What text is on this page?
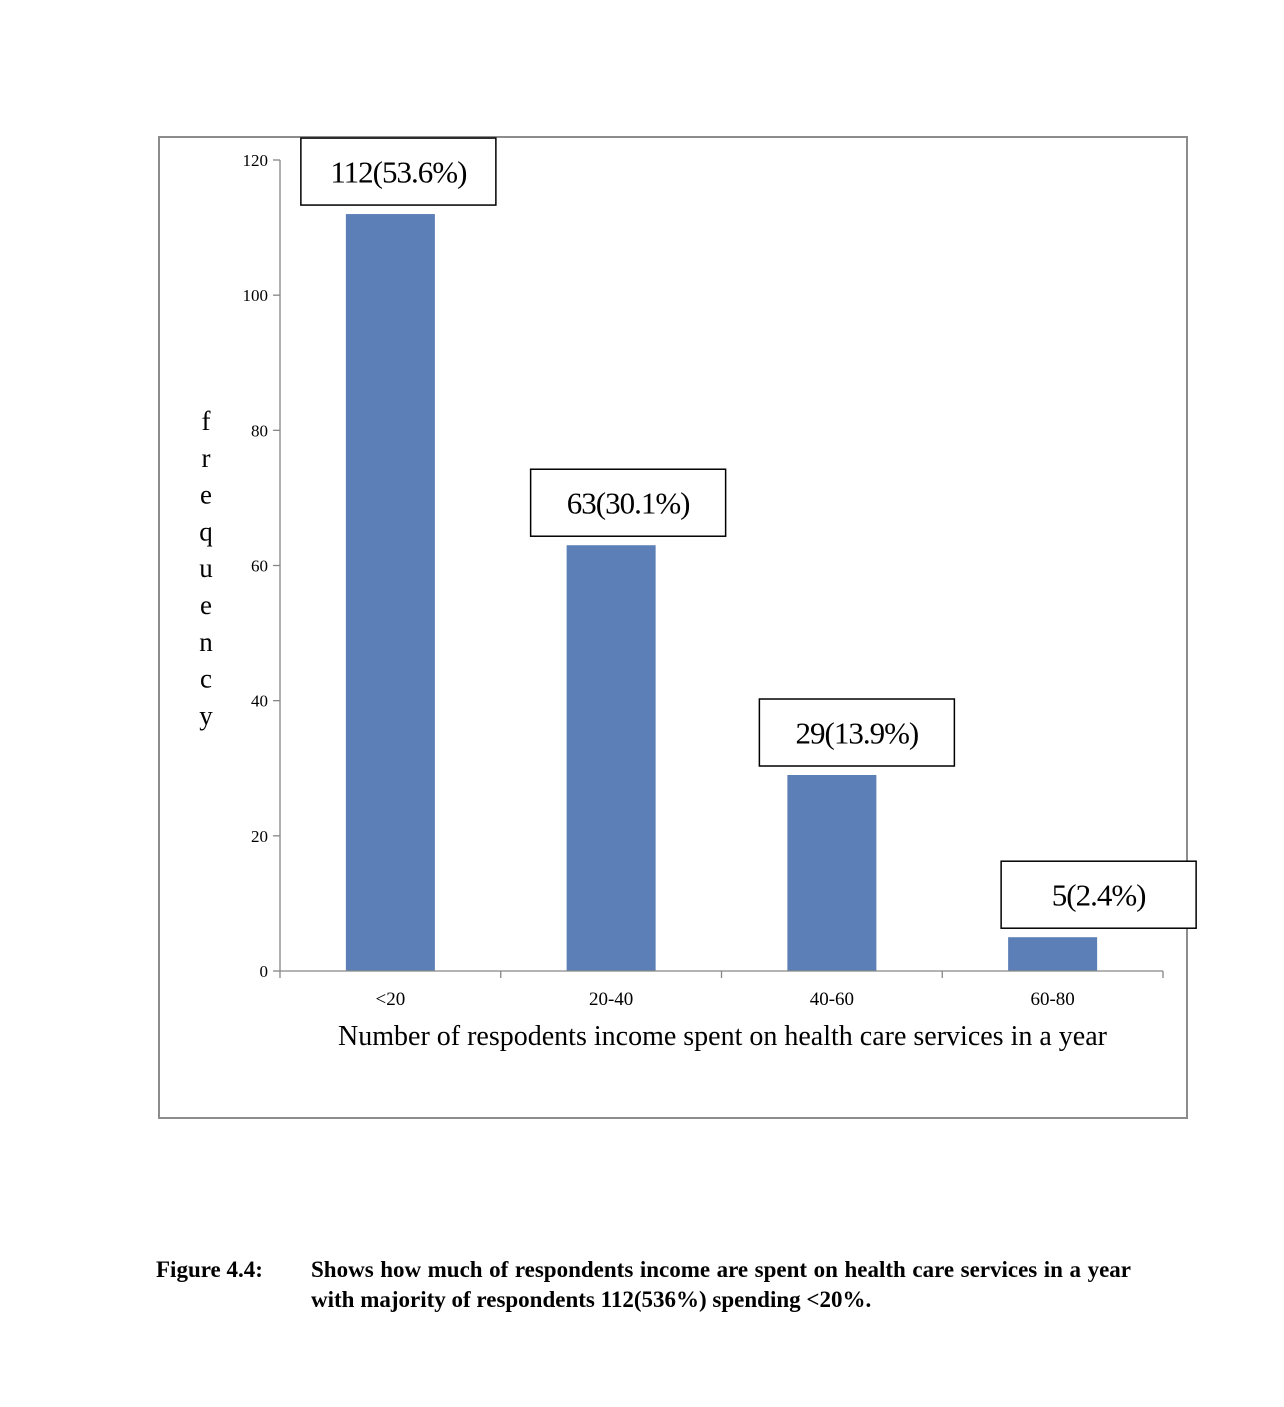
f
r
e
q
u
e
n
c
y
0
20
40
60
80
100
120
<20	20-40	40-60	60-80
112(53.6%)
63(30.1%)
29(13.9%)
5(2.4%)
Number of respodents income spent on health care services in a year
Figure 4.4: Shows how much of respondents income are spent on health care services in a year with majority of respondents 112(536%) spending <20%.
